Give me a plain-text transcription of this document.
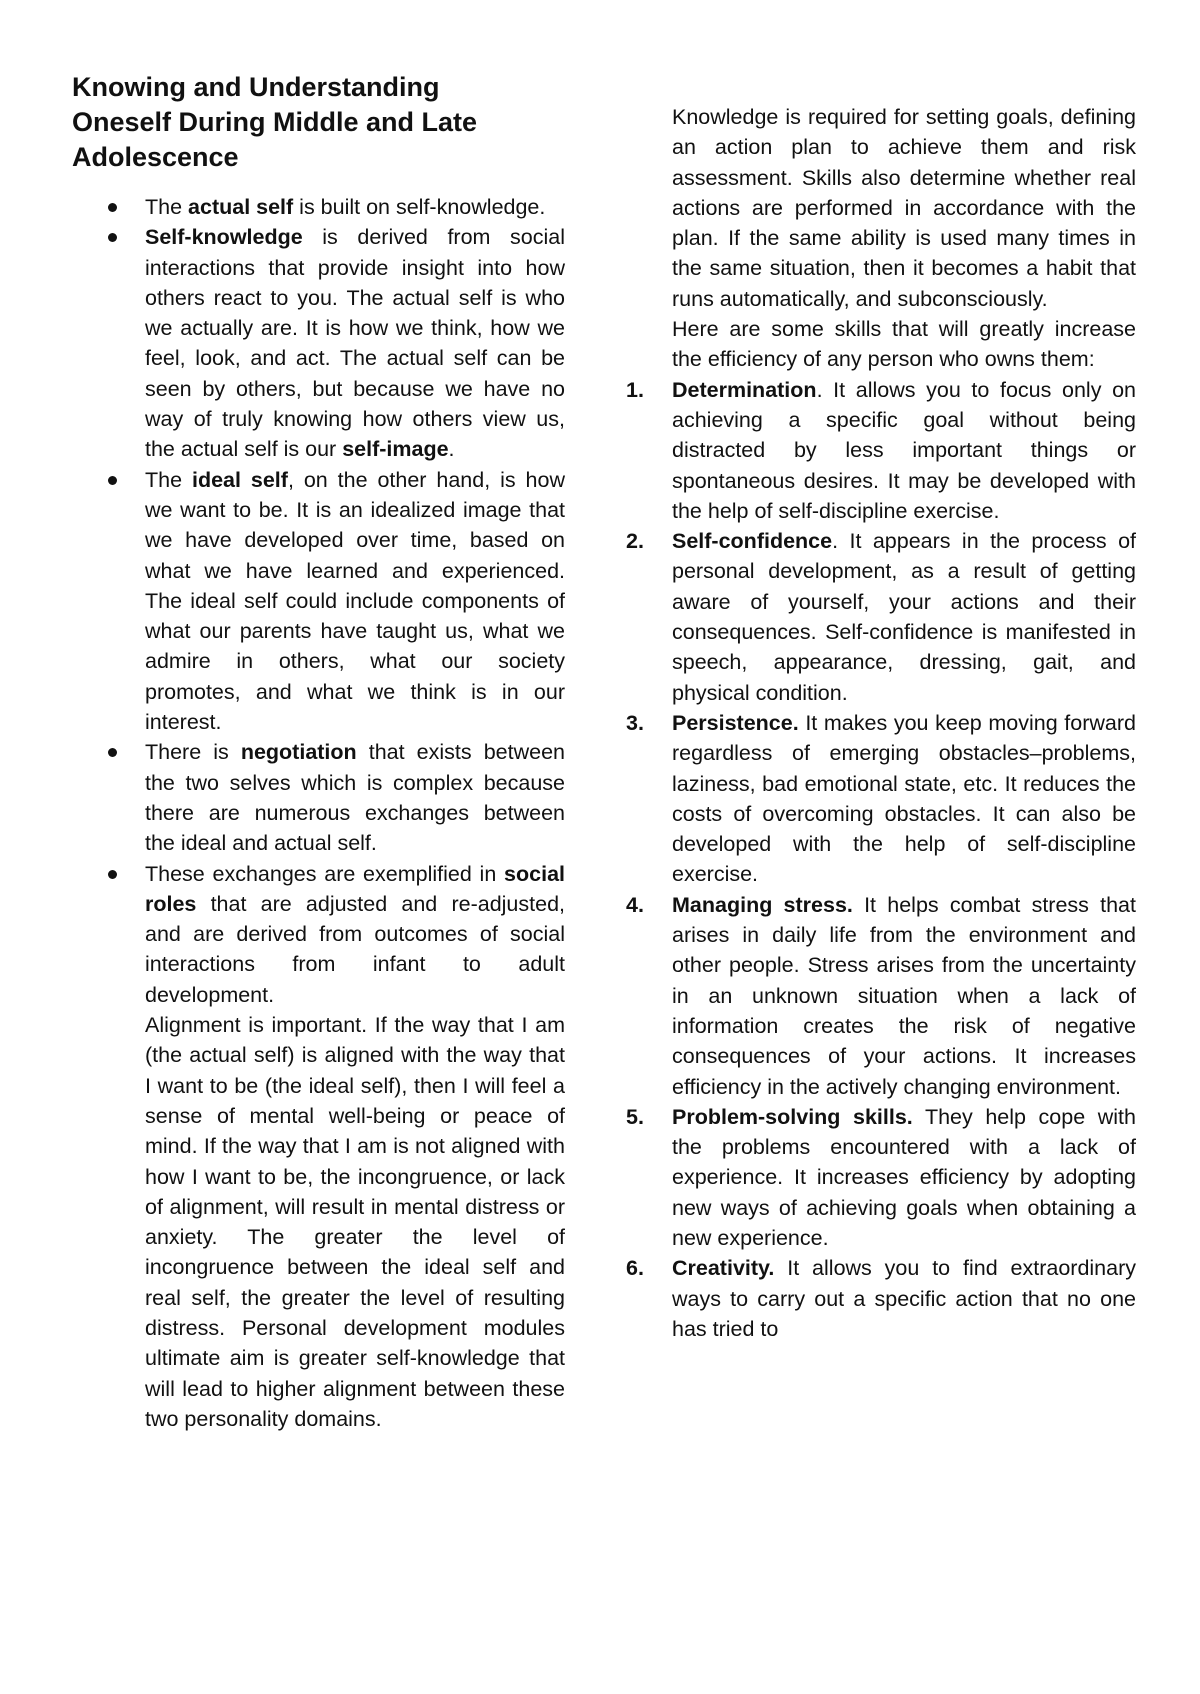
Knowing and Understanding Oneself During Middle and Late Adolescence

The actual self is built on self-knowledge.

Self-knowledge is derived from social interactions that provide insight into how others react to you. The actual self is who we actually are. It is how we think, how we feel, look, and act. The actual self can be seen by others, but because we have no way of truly knowing how others view us, the actual self is our self-image.

The ideal self, on the other hand, is how we want to be. It is an idealized image that we have developed over time, based on what we have learned and experienced. The ideal self could include components of what our parents have taught us, what we admire in others, what our society promotes, and what we think is in our interest.

There is negotiation that exists between the two selves which is complex because there are numerous exchanges between the ideal and actual self.

These exchanges are exemplified in social roles that are adjusted and re-adjusted, and are derived from outcomes of social interactions from infant to adult development.

Alignment is important. If the way that I am (the actual self) is aligned with the way that I want to be (the ideal self), then I will feel a sense of mental well-being or peace of mind. If the way that I am is not aligned with how I want to be, the incongruence, or lack of alignment, will result in mental distress or anxiety. The greater the level of incongruence between the ideal self and real self, the greater the level of resulting distress. Personal development modules ultimate aim is greater self-knowledge that will lead to higher alignment between these two personality domains.

Knowledge is required for setting goals, defining an action plan to achieve them and risk assessment. Skills also determine whether real actions are performed in accordance with the plan. If the same ability is used many times in the same situation, then it becomes a habit that runs automatically, and subconsciously.

Here are some skills that will greatly increase the efficiency of any person who owns them:

1.	Determination. It allows you to focus only on achieving a specific goal without being distracted by less important things or spontaneous desires. It may be developed with the help of self-discipline exercise.

2.	Self-confidence. It appears in the process of personal development, as a result of getting aware of yourself, your actions and their consequences. Self-confidence is manifested in speech, appearance, dressing, gait, and physical condition.

3.	Persistence. It makes you keep moving forward regardless of emerging obstacles–problems, laziness, bad emotional state, etc. It reduces the costs of overcoming obstacles. It can also be developed with the help of self-discipline exercise.

4.	Managing stress. It helps combat stress that arises in daily life from the environment and other people. Stress arises from the uncertainty in an unknown situation when a lack of information creates the risk of negative consequences of your actions. It increases efficiency in the actively changing environment.

5.	Problem-solving skills. They help cope with the problems encountered with a lack of experience. It increases efficiency by adopting new ways of achieving goals when obtaining a new experience.

6.	Creativity. It allows you to find extraordinary ways to carry out a specific action that no one has tried to
